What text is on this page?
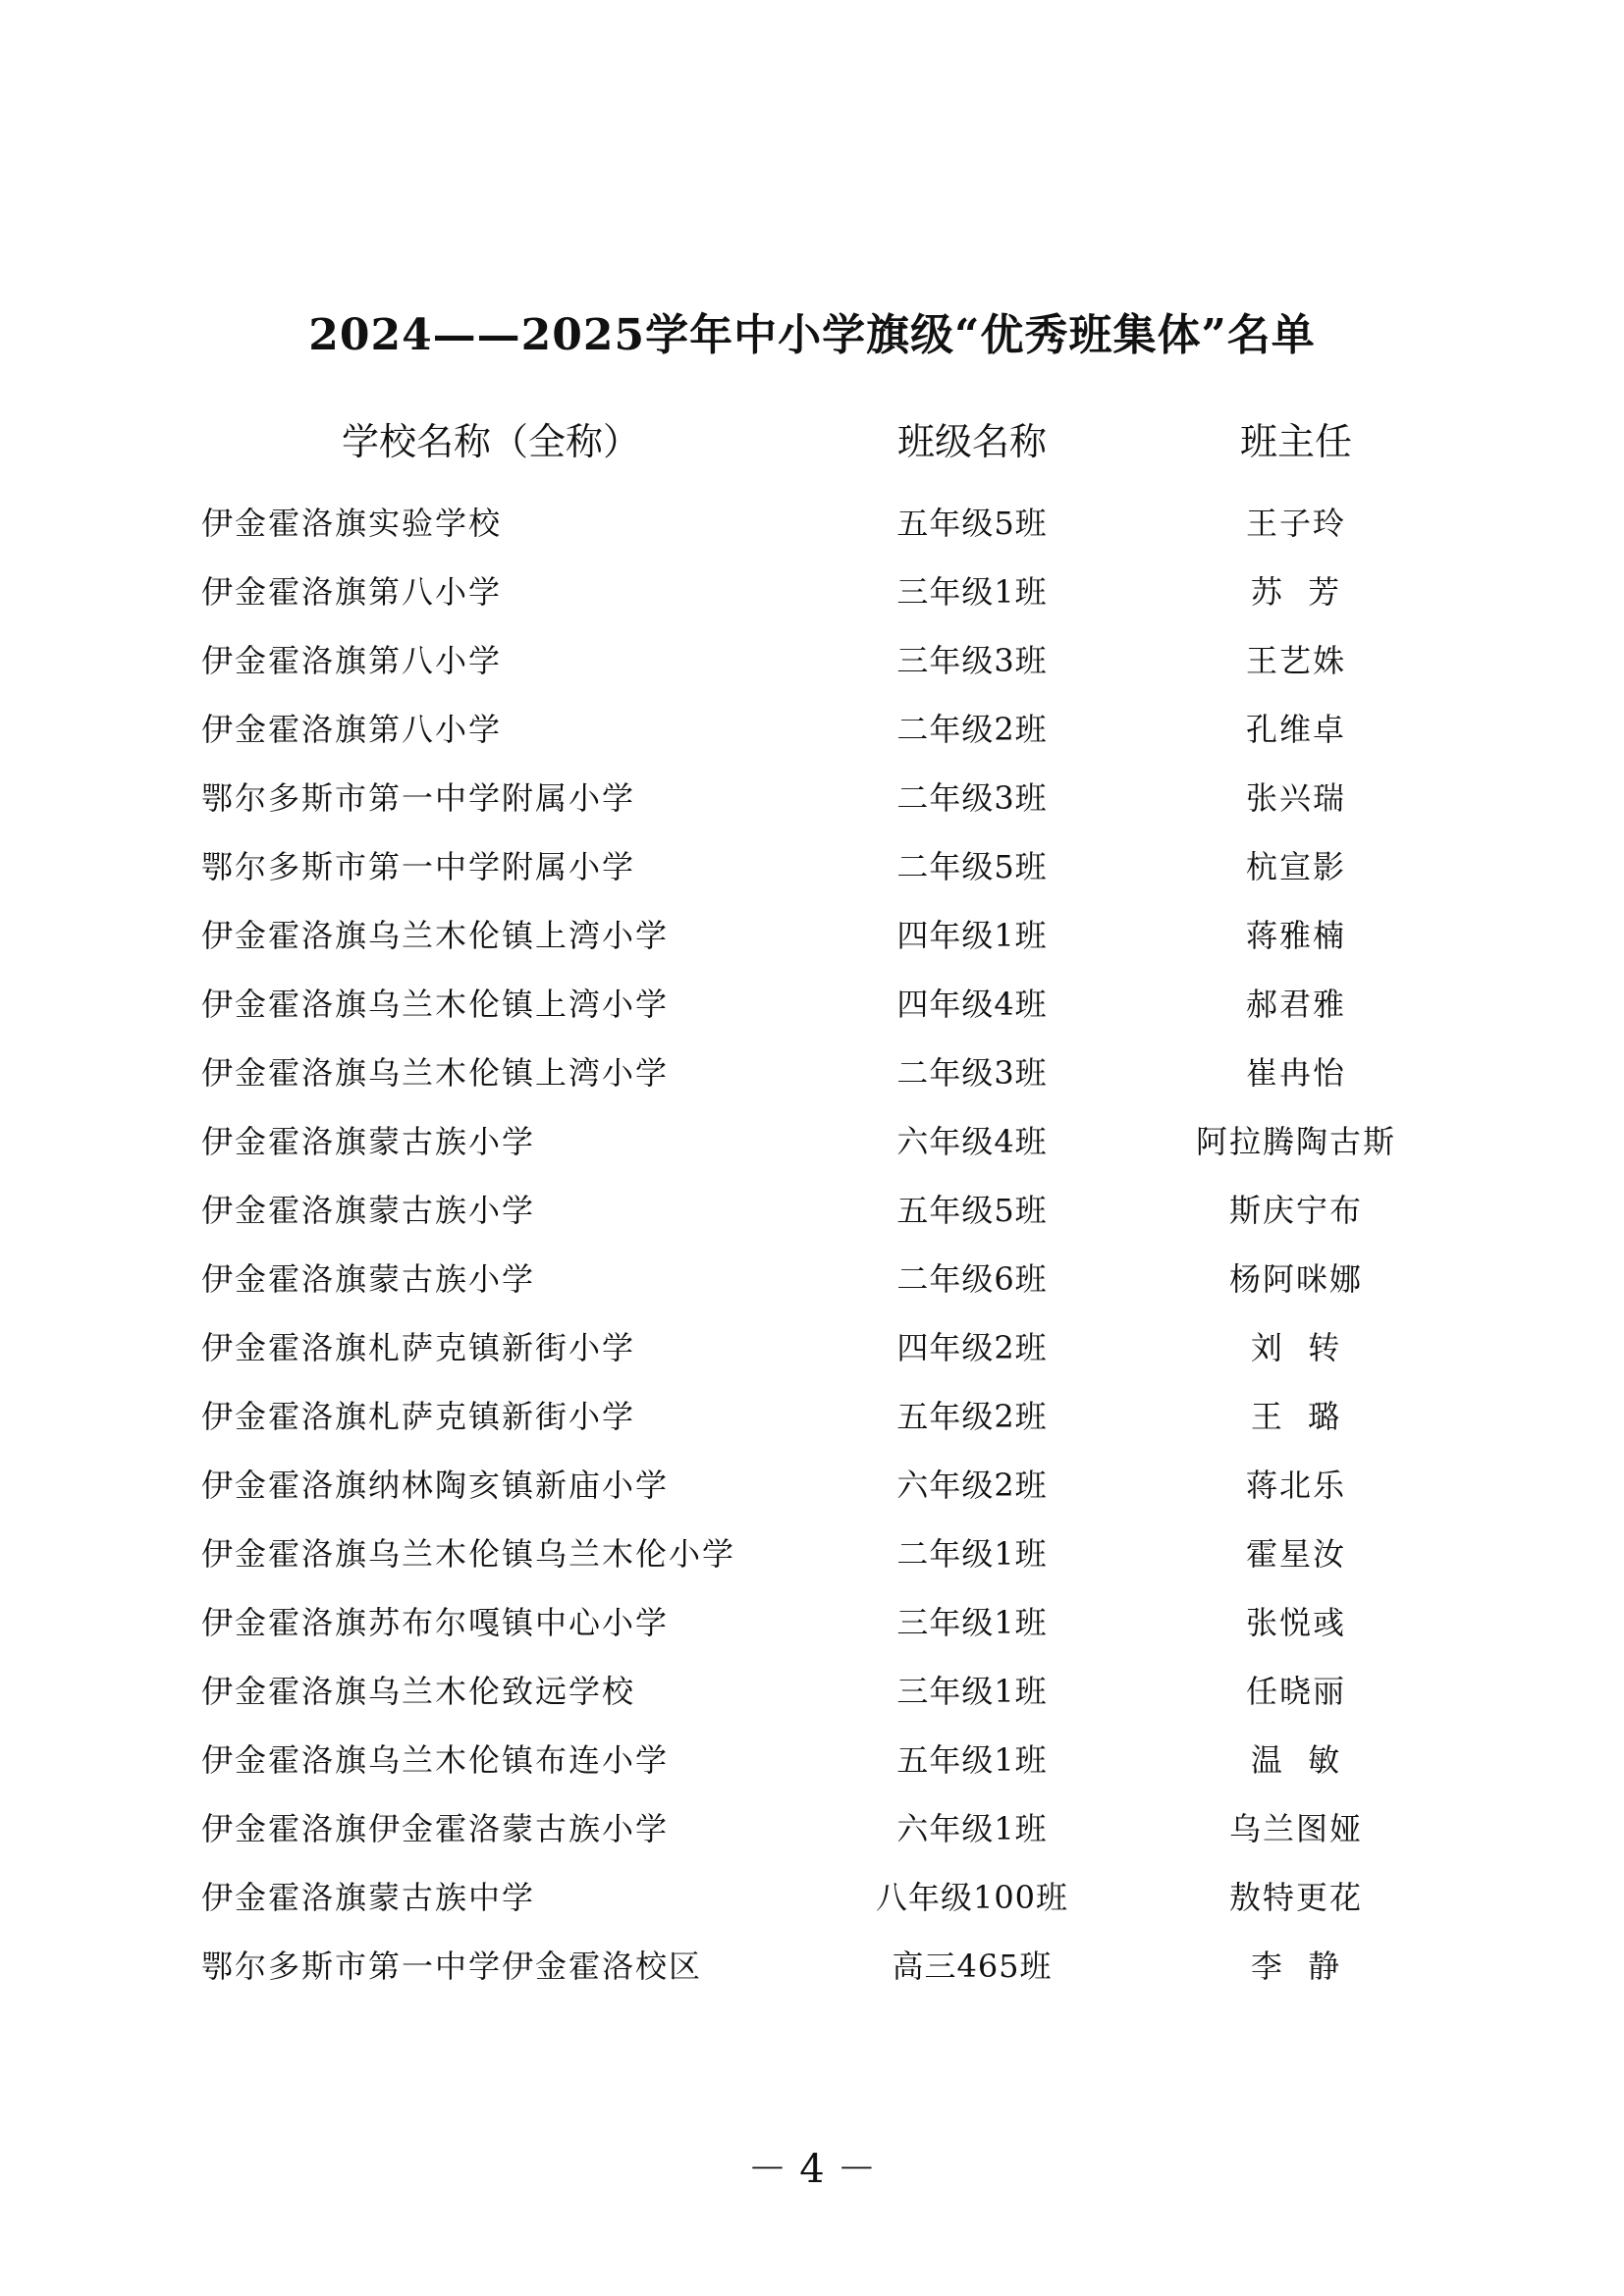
2024——2025学年中小学旗级“优秀班集体”名单
学校名称（全称）	班级名称	班主任
伊金霍洛旗实验学校	五年级5班	王子玲
伊金霍洛旗第八小学	三年级1班	苏  芳
伊金霍洛旗第八小学	三年级3班	王艺姝
伊金霍洛旗第八小学	二年级2班	孔维卓
鄂尔多斯市第一中学附属小学	二年级3班	张兴瑞
鄂尔多斯市第一中学附属小学	二年级5班	杭宣影
伊金霍洛旗乌兰木伦镇上湾小学	四年级1班	蒋雅楠
伊金霍洛旗乌兰木伦镇上湾小学	四年级4班	郝君雅
伊金霍洛旗乌兰木伦镇上湾小学	二年级3班	崔冉怡
伊金霍洛旗蒙古族小学	六年级4班	阿拉腾陶古斯
伊金霍洛旗蒙古族小学	五年级5班	斯庆宁布
伊金霍洛旗蒙古族小学	二年级6班	杨阿咪娜
伊金霍洛旗札萨克镇新街小学	四年级2班	刘  转
伊金霍洛旗札萨克镇新街小学	五年级2班	王  璐
伊金霍洛旗纳林陶亥镇新庙小学	六年级2班	蒋北乐
伊金霍洛旗乌兰木伦镇乌兰木伦小学	二年级1班	霍星汝
伊金霍洛旗苏布尔嘎镇中心小学	三年级1班	张悦彧
伊金霍洛旗乌兰木伦致远学校	三年级1班	任晓丽
伊金霍洛旗乌兰木伦镇布连小学	五年级1班	温  敏
伊金霍洛旗伊金霍洛蒙古族小学	六年级1班	乌兰图娅
伊金霍洛旗蒙古族中学	八年级100班	敖特更花
鄂尔多斯市第一中学伊金霍洛校区	高三465班	李  静
－ 4 －
